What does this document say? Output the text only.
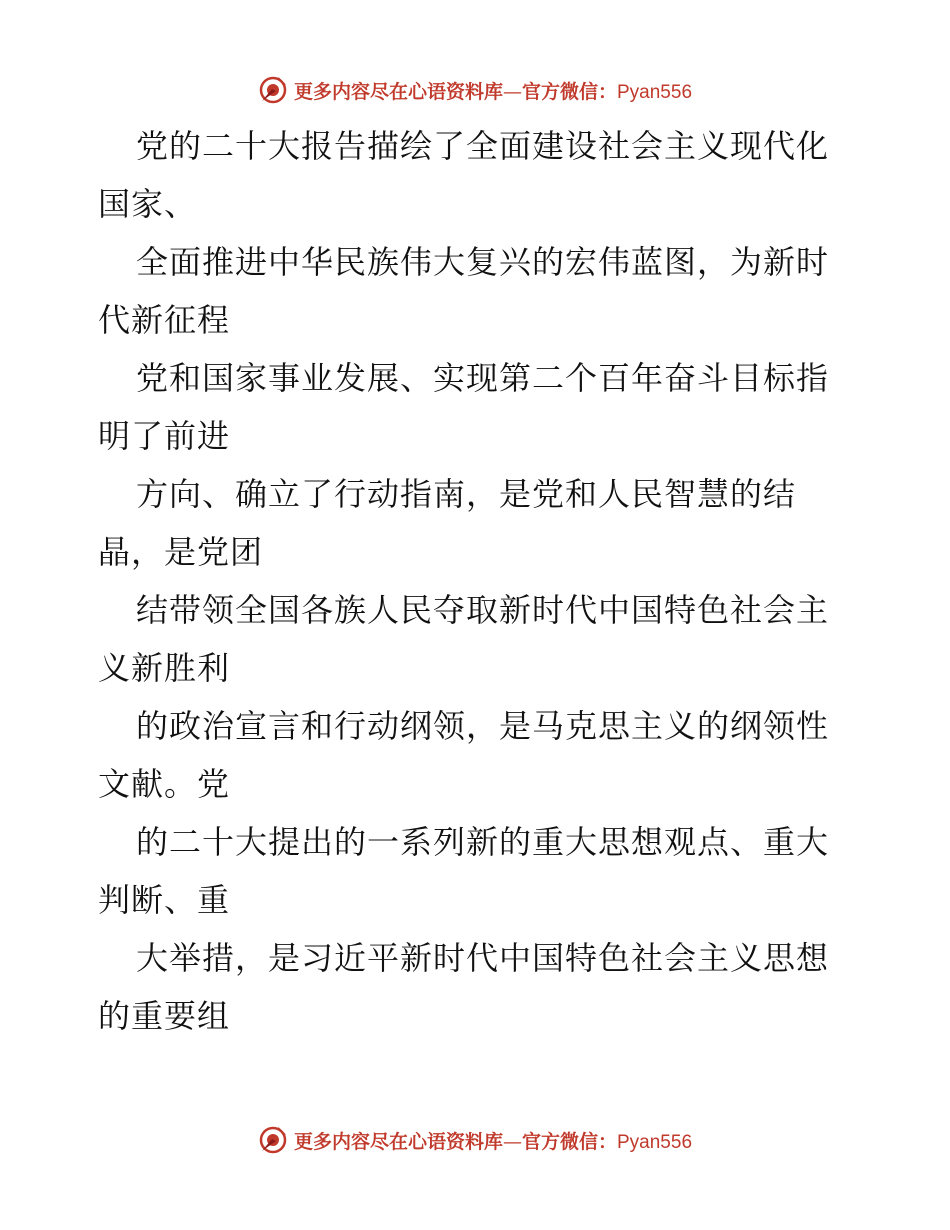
更多内容尽在心语资料库—官方微信：Pyan556
党的二十大报告描绘了全面建设社会主义现代化
国家、
全面推进中华民族伟大复兴的宏伟蓝图，为新时
代新征程
党和国家事业发展、实现第二个百年奋斗目标指
明了前进
方向、确立了行动指南，是党和人民智慧的结
晶，是党团
结带领全国各族人民夺取新时代中国特色社会主
义新胜利
的政治宣言和行动纲领，是马克思主义的纲领性
文献。党
的二十大提出的一系列新的重大思想观点、重大
判断、重
大举措，是习近平新时代中国特色社会主义思想
的重要组
更多内容尽在心语资料库—官方微信：Pyan556
